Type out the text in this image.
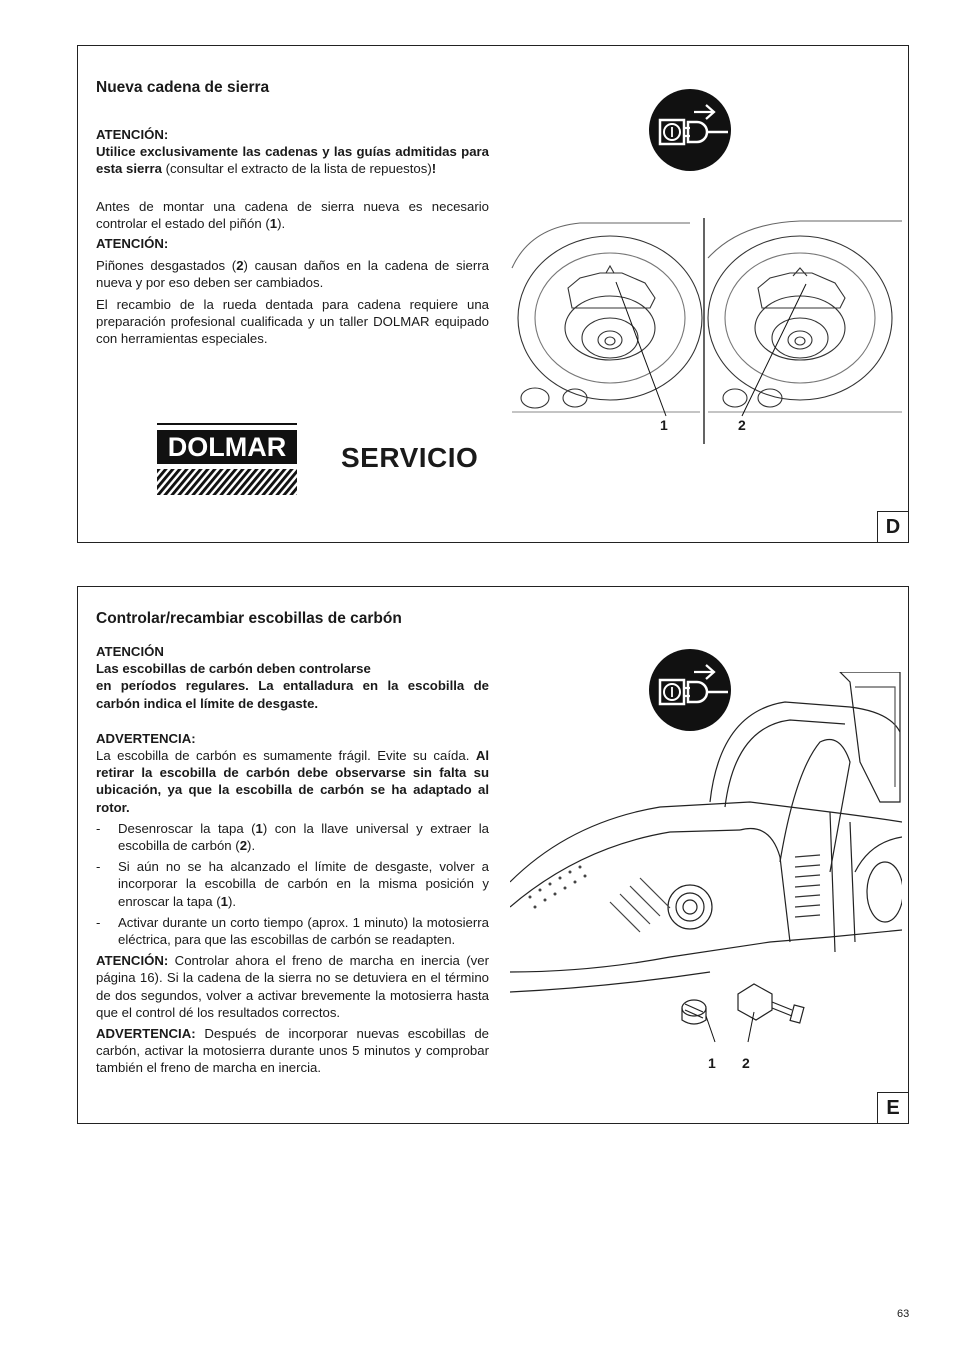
Nueva cadena de sierra

ATENCIÓN:

Utilice exclusivamente las cadenas y las guías admitidas para esta sierra (consultar el extracto de la lista de repuestos)!

Antes de montar una cadena de sierra nueva es necesario controlar el estado del piñón (1).

ATENCIÓN:

Piñones desgastados (2) causan daños en la cadena de sierra nueva y por eso deben ser cambiados.

El recambio de la rueda dentada para cadena requiere una preparación profesional cualificada y un taller DOLMAR equipado con herramientas especiales.

DOLMAR	SERVICIO
1	2
D
Controlar/recambiar escobillas de carbón

ATENCIÓN

Las escobillas de carbón deben controlarse

en períodos regulares. La entalladura en la escobilla de carbón indica el límite de desgaste.

ADVERTENCIA:

La escobilla de carbón es sumamente frágil. Evite su caída. Al retirar la escobilla de carbón debe observarse sin falta su ubicación, ya que la escobilla de carbón se ha adaptado al rotor.

- Desenroscar la tapa (1) con la llave universal y extraer la escobilla de carbón (2).
- Si aún no se ha alcanzado el límite de desgaste, volver a incorporar la escobilla de carbón en la misma posición y enroscar la tapa (1).
- Activar durante un corto tiempo (aprox. 1 minuto) la motosierra eléctrica, para que las escobillas de carbón se readapten.

ATENCIÓN: Controlar ahora el freno de marcha en inercia (ver página 16). Si la cadena de la sierra no se detuviera en el término de dos segundos, volver a activar brevemente la motosierra hasta que el control dé los resultados correctos.

ADVERTENCIA: Después de incorporar nuevas escobillas de carbón, activar la motosierra durante unos 5 minutos y comprobar también el freno de marcha en inercia.	1 2
E
63
